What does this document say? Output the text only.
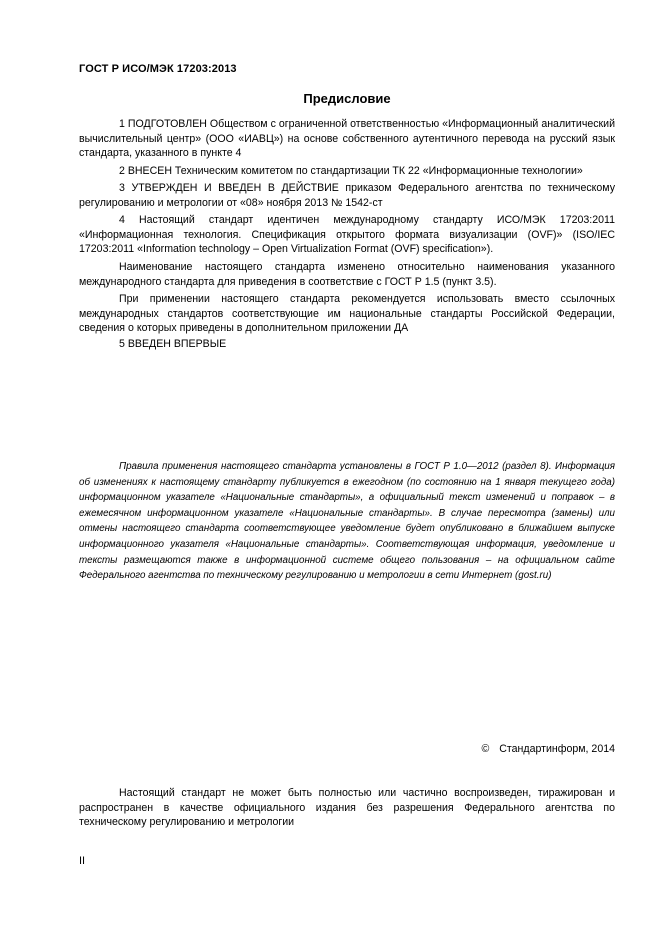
ГОСТ Р ИСО/МЭК 17203:2013
Предисловие

1 ПОДГОТОВЛЕН Обществом с ограниченной ответственностью «Информационный аналитический вычислительный центр» (ООО «ИАВЦ») на основе собственного аутентичного перевода на русский язык стандарта, указанного в пункте 4

2 ВНЕСЕН Техническим комитетом по стандартизации ТК 22 «Информационные технологии»

3 УТВЕРЖДЕН И ВВЕДЕН В ДЕЙСТВИЕ приказом Федерального агентства по техническому регулированию и метрологии от «08» ноября 2013 № 1542-ст

4 Настоящий стандарт идентичен международному стандарту ИСО/МЭК 17203:2011 «Информационная технология. Спецификация открытого формата визуализации (OVF)» (ISO/IEC 17203:2011 «Information technology – Open Virtualization Format (OVF) specification»).

Наименование настоящего стандарта изменено относительно наименования указанного международного стандарта для приведения в соответствие с ГОСТ Р 1.5 (пункт 3.5).

При применении настоящего стандарта рекомендуется использовать вместо ссылочных международных стандартов соответствующие им национальные стандарты Российской Федерации, сведения о которых приведены в дополнительном приложении ДА

5 ВВЕДЕН ВПЕРВЫЕ

Правила применения настоящего стандарта установлены в ГОСТ Р 1.0—2012 (раздел 8). Информация об изменениях к настоящему стандарту публикуется в ежегодном (по состоянию на 1 января текущего года) информационном указателе «Национальные стандарты», а официальный текст изменений и поправок – в ежемесячном информационном указателе «Национальные стандарты». В случае пересмотра (замены) или отмены настоящего стандарта соответствующее уведомление будет опубликовано в ближайшем выпуске информационного указателя «Национальные стандарты». Соответствующая информация, уведомление и тексты размещаются также в информационной системе общего пользования – на официальном сайте Федерального агентства по техническому регулированию и метрологии в сети Интернет (gost.ru)

© Стандартинформ, 2014

Настоящий стандарт не может быть полностью или частично воспроизведен, тиражирован и распространен в качестве официального издания без разрешения Федерального агентства по техническому регулированию и метрологии

II
